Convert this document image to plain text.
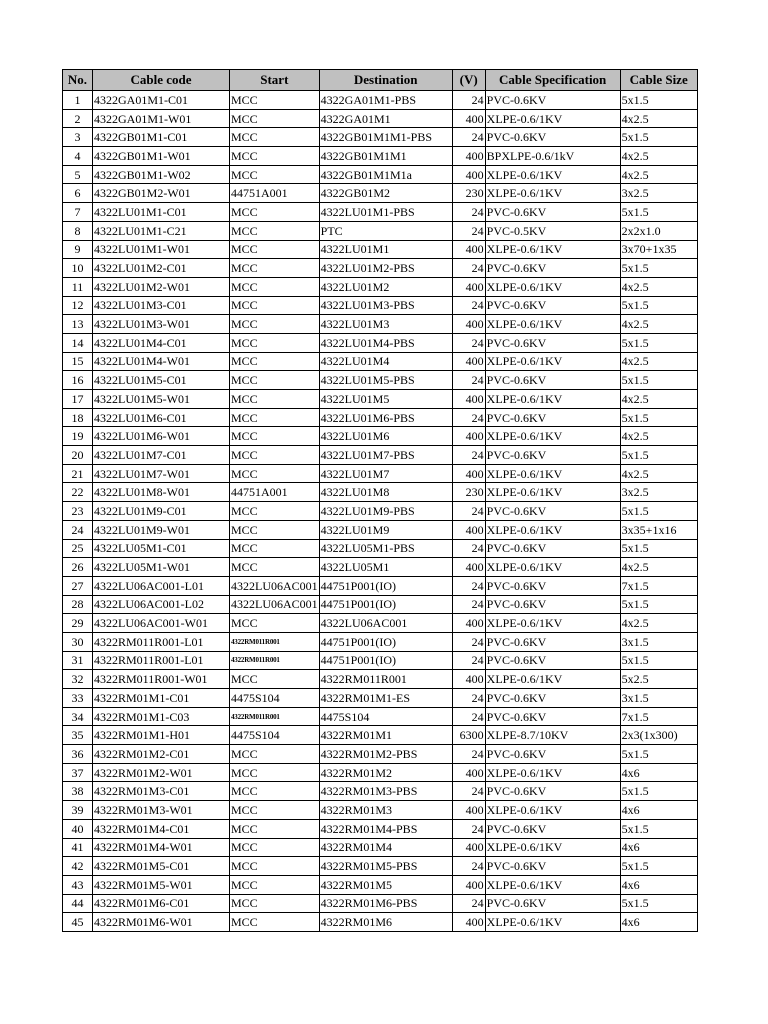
No.	Cable code	Start	Destination	(V)	Cable Specification	Cable Size
1	4322GA01M1-C01	MCC	4322GA01M1-PBS	24	PVC-0.6KV	5x1.5
2	4322GA01M1-W01	MCC	4322GA01M1	400	XLPE-0.6/1KV	4x2.5
3	4322GB01M1-C01	MCC	4322GB01M1M1-PBS	24	PVC-0.6KV	5x1.5
4	4322GB01M1-W01	MCC	4322GB01M1M1	400	BPXLPE-0.6/1kV	4x2.5
5	4322GB01M1-W02	MCC	4322GB01M1M1a	400	XLPE-0.6/1KV	4x2.5
6	4322GB01M2-W01	44751A001	4322GB01M2	230	XLPE-0.6/1KV	3x2.5
7	4322LU01M1-C01	MCC	4322LU01M1-PBS	24	PVC-0.6KV	5x1.5
8	4322LU01M1-C21	MCC	PTC	24	PVC-0.5KV	2x2x1.0
9	4322LU01M1-W01	MCC	4322LU01M1	400	XLPE-0.6/1KV	3x70+1x35
10	4322LU01M2-C01	MCC	4322LU01M2-PBS	24	PVC-0.6KV	5x1.5
11	4322LU01M2-W01	MCC	4322LU01M2	400	XLPE-0.6/1KV	4x2.5
12	4322LU01M3-C01	MCC	4322LU01M3-PBS	24	PVC-0.6KV	5x1.5
13	4322LU01M3-W01	MCC	4322LU01M3	400	XLPE-0.6/1KV	4x2.5
14	4322LU01M4-C01	MCC	4322LU01M4-PBS	24	PVC-0.6KV	5x1.5
15	4322LU01M4-W01	MCC	4322LU01M4	400	XLPE-0.6/1KV	4x2.5
16	4322LU01M5-C01	MCC	4322LU01M5-PBS	24	PVC-0.6KV	5x1.5
17	4322LU01M5-W01	MCC	4322LU01M5	400	XLPE-0.6/1KV	4x2.5
18	4322LU01M6-C01	MCC	4322LU01M6-PBS	24	PVC-0.6KV	5x1.5
19	4322LU01M6-W01	MCC	4322LU01M6	400	XLPE-0.6/1KV	4x2.5
20	4322LU01M7-C01	MCC	4322LU01M7-PBS	24	PVC-0.6KV	5x1.5
21	4322LU01M7-W01	MCC	4322LU01M7	400	XLPE-0.6/1KV	4x2.5
22	4322LU01M8-W01	44751A001	4322LU01M8	230	XLPE-0.6/1KV	3x2.5
23	4322LU01M9-C01	MCC	4322LU01M9-PBS	24	PVC-0.6KV	5x1.5
24	4322LU01M9-W01	MCC	4322LU01M9	400	XLPE-0.6/1KV	3x35+1x16
25	4322LU05M1-C01	MCC	4322LU05M1-PBS	24	PVC-0.6KV	5x1.5
26	4322LU05M1-W01	MCC	4322LU05M1	400	XLPE-0.6/1KV	4x2.5
27	4322LU06AC001-L01	4322LU06AC001	44751P001(IO)	24	PVC-0.6KV	7x1.5
28	4322LU06AC001-L02	4322LU06AC001	44751P001(IO)	24	PVC-0.6KV	5x1.5
29	4322LU06AC001-W01	MCC	4322LU06AC001	400	XLPE-0.6/1KV	4x2.5
30	4322RM011R001-L01	4322RM011R001	44751P001(IO)	24	PVC-0.6KV	3x1.5
31	4322RM011R001-L01	4322RM011R001	44751P001(IO)	24	PVC-0.6KV	5x1.5
32	4322RM011R001-W01	MCC	4322RM011R001	400	XLPE-0.6/1KV	5x2.5
33	4322RM01M1-C01	4475S104	4322RM01M1-ES	24	PVC-0.6KV	3x1.5
34	4322RM01M1-C03	4322RM011R001	4475S104	24	PVC-0.6KV	7x1.5
35	4322RM01M1-H01	4475S104	4322RM01M1	6300	XLPE-8.7/10KV	2x3(1x300)
36	4322RM01M2-C01	MCC	4322RM01M2-PBS	24	PVC-0.6KV	5x1.5
37	4322RM01M2-W01	MCC	4322RM01M2	400	XLPE-0.6/1KV	4x6
38	4322RM01M3-C01	MCC	4322RM01M3-PBS	24	PVC-0.6KV	5x1.5
39	4322RM01M3-W01	MCC	4322RM01M3	400	XLPE-0.6/1KV	4x6
40	4322RM01M4-C01	MCC	4322RM01M4-PBS	24	PVC-0.6KV	5x1.5
41	4322RM01M4-W01	MCC	4322RM01M4	400	XLPE-0.6/1KV	4x6
42	4322RM01M5-C01	MCC	4322RM01M5-PBS	24	PVC-0.6KV	5x1.5
43	4322RM01M5-W01	MCC	4322RM01M5	400	XLPE-0.6/1KV	4x6
44	4322RM01M6-C01	MCC	4322RM01M6-PBS	24	PVC-0.6KV	5x1.5
45	4322RM01M6-W01	MCC	4322RM01M6	400	XLPE-0.6/1KV	4x6
